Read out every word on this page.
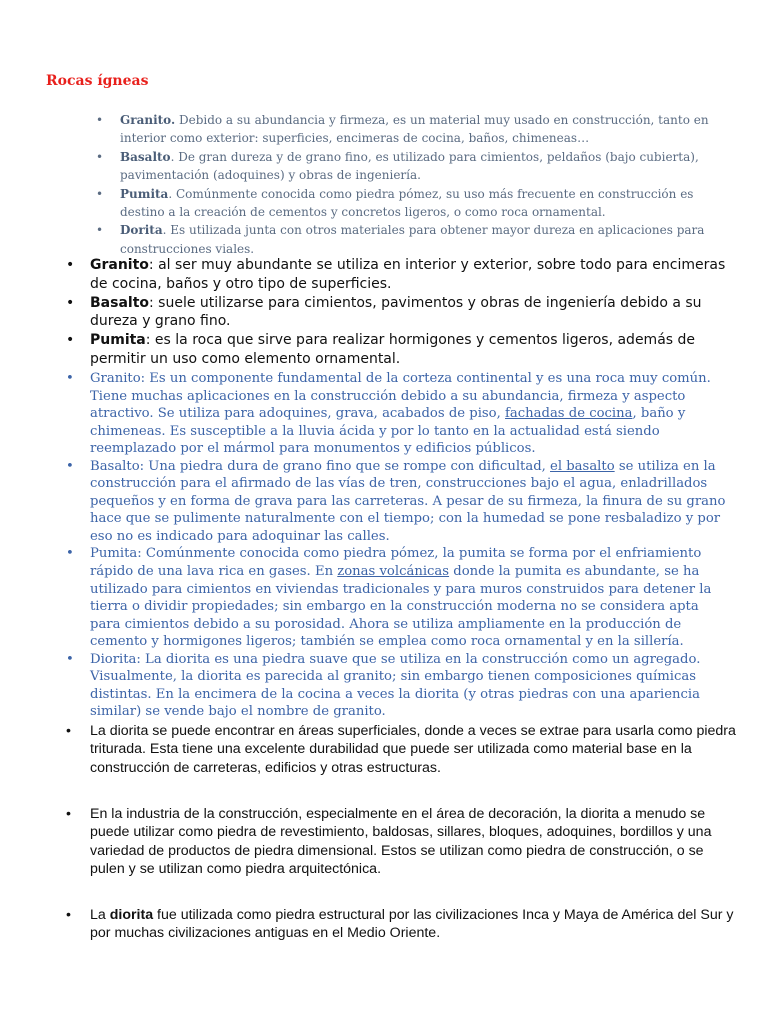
Rocas ígneas
• Granito. Debido a su abundancia y firmeza, es un material muy usado en construcción, tanto en interior como exterior: superficies, encimeras de cocina, baños, chimeneas…
• Basalto. De gran dureza y de grano fino, es utilizado para cimientos, peldaños (bajo cubierta), pavimentación (adoquines) y obras de ingeniería.
• Pumita. Comúnmente conocida como piedra pómez, su uso más frecuente en construcción es destino a la creación de cementos y concretos ligeros, o como roca ornamental.
• Dorita. Es utilizada junta con otros materiales para obtener mayor dureza en aplicaciones para construcciones viales.
• Granito: al ser muy abundante se utiliza en interior y exterior, sobre todo para encimeras de cocina, baños y otro tipo de superficies.
• Basalto: suele utilizarse para cimientos, pavimentos y obras de ingeniería debido a su dureza y grano fino.
• Pumita: es la roca que sirve para realizar hormigones y cementos ligeros, además de permitir un uso como elemento ornamental.
• Granito: Es un componente fundamental de la corteza continental y es una roca muy común. Tiene muchas aplicaciones en la construcción debido a su abundancia, firmeza y aspecto atractivo. Se utiliza para adoquines, grava, acabados de piso, fachadas de cocina, baño y chimeneas. Es susceptible a la lluvia ácida y por lo tanto en la actualidad está siendo reemplazado por el mármol para monumentos y edificios públicos.
• Basalto: Una piedra dura de grano fino que se rompe con dificultad, el basalto se utiliza en la construcción para el afirmado de las vías de tren, construcciones bajo el agua, enladrillados pequeños y en forma de grava para las carreteras. A pesar de su firmeza, la finura de su grano hace que se pulimente naturalmente con el tiempo; con la humedad se pone resbaladizo y por eso no es indicado para adoquinar las calles.
• Pumita: Comúnmente conocida como piedra pómez, la pumita se forma por el enfriamiento rápido de una lava rica en gases. En zonas volcánicas donde la pumita es abundante, se ha utilizado para cimientos en viviendas tradicionales y para muros construidos para detener la tierra o dividir propiedades; sin embargo en la construcción moderna no se considera apta para cimientos debido a su porosidad. Ahora se utiliza ampliamente en la producción de cemento y hormigones ligeros; también se emplea como roca ornamental y en la sillería.
• Diorita: La diorita es una piedra suave que se utiliza en la construcción como un agregado. Visualmente, la diorita es parecida al granito; sin embargo tienen composiciones químicas distintas. En la encimera de la cocina a veces la diorita (y otras piedras con una apariencia similar) se vende bajo el nombre de granito.
• La diorita se puede encontrar en áreas superficiales, donde a veces se extrae para usarla como piedra triturada. Esta tiene una excelente durabilidad que puede ser utilizada como material base en la construcción de carreteras, edificios y otras estructuras.
• En la industria de la construcción, especialmente en el área de decoración, la diorita a menudo se puede utilizar como piedra de revestimiento, baldosas, sillares, bloques, adoquines, bordillos y una variedad de productos de piedra dimensional. Estos se utilizan como piedra de construcción, o se pulen y se utilizan como piedra arquitectónica.
• La diorita fue utilizada como piedra estructural por las civilizaciones Inca y Maya de América del Sur y por muchas civilizaciones antiguas en el Medio Oriente.
